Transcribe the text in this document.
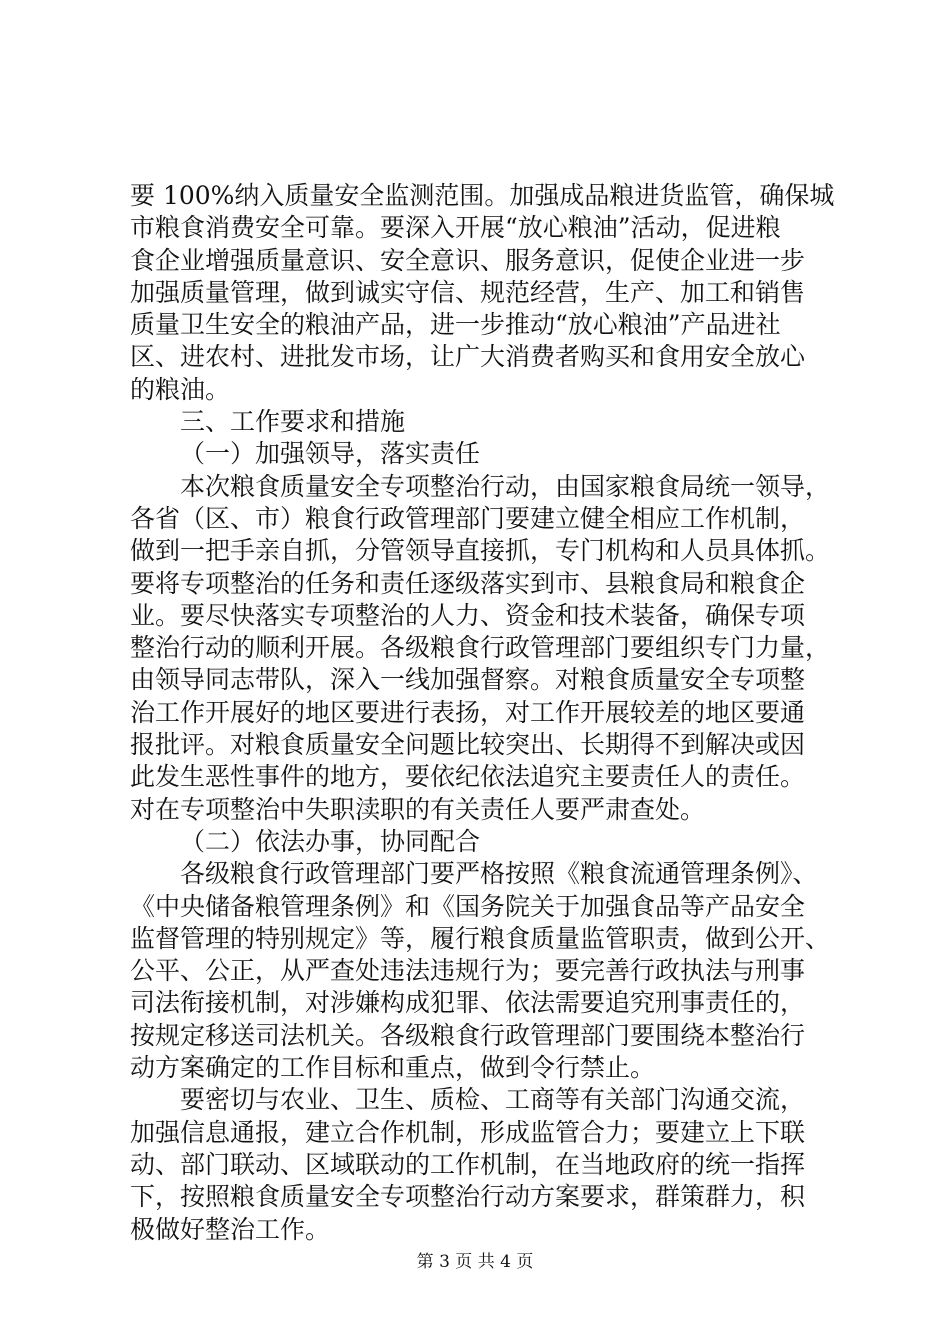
要 100%纳入质量安全监测范围。加强成品粮进货监管，确保城
市粮食消费安全可靠。要深入开展“放心粮油”活动，促进粮
食企业增强质量意识、安全意识、服务意识，促使企业进一步
加强质量管理，做到诚实守信、规范经营，生产、加工和销售
质量卫生安全的粮油产品，进一步推动“放心粮油”产品进社
区、进农村、进批发市场，让广大消费者购买和食用安全放心
的粮油。
三、工作要求和措施
（一）加强领导，落实责任
本次粮食质量安全专项整治行动，由国家粮食局统一领导，
各省（区、市）粮食行政管理部门要建立健全相应工作机制，
做到一把手亲自抓，分管领导直接抓，专门机构和人员具体抓。
要将专项整治的任务和责任逐级落实到市、县粮食局和粮食企
业。要尽快落实专项整治的人力、资金和技术装备，确保专项
整治行动的顺利开展。各级粮食行政管理部门要组织专门力量，
由领导同志带队，深入一线加强督察。对粮食质量安全专项整
治工作开展好的地区要进行表扬，对工作开展较差的地区要通
报批评。对粮食质量安全问题比较突出、长期得不到解决或因
此发生恶性事件的地方，要依纪依法追究主要责任人的责任。
对在专项整治中失职渎职的有关责任人要严肃查处。
（二）依法办事，协同配合
各级粮食行政管理部门要严格按照《粮食流通管理条例》、
《中央储备粮管理条例》和《国务院关于加强食品等产品安全
监督管理的特别规定》等，履行粮食质量监管职责，做到公开、
公平、公正，从严查处违法违规行为；要完善行政执法与刑事
司法衔接机制，对涉嫌构成犯罪、依法需要追究刑事责任的，
按规定移送司法机关。各级粮食行政管理部门要围绕本整治行
动方案确定的工作目标和重点，做到令行禁止。
要密切与农业、卫生、质检、工商等有关部门沟通交流，
加强信息通报，建立合作机制，形成监管合力；要建立上下联
动、部门联动、区域联动的工作机制，在当地政府的统一指挥
下，按照粮食质量安全专项整治行动方案要求，群策群力，积
极做好整治工作。
第 3 页 共 4 页
